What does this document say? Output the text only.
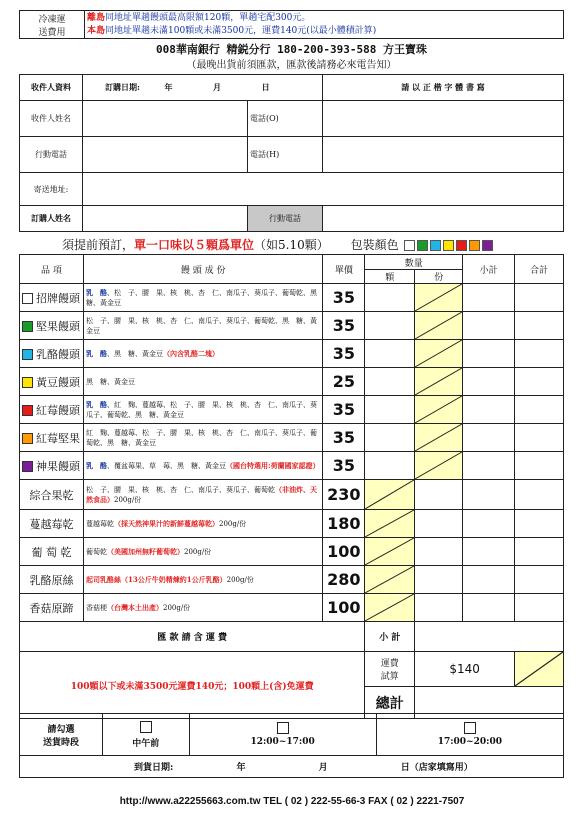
冷凍運
送費用

離島同地址單趟饅頭最高限額120顆，單趟宅配300元。
本島同地址單趟未滿100顆或未滿3500元，運費140元(以最小體積計算)
008華南銀行 精鋭分行 180-200-393-588 方王寶珠
（最晚出貨前須匯款，匯款後請務必來電告知）
收件人資料	訂購日期: 年 月 日		請 以 正 楷 字 體 書 寫
收件人姓名		電話(O)	
行動電話		電話(H)	
寄送地址:			
訂購人姓名		行動電話	
須提前預訂，單一口味以５顆爲單位（如5.10顆） 包裝顏色
品 項	饅 頭 成 份	單價	數量		小計	合計
			顆	份		
招牌饅頭	乳　酪、松　子、腰　果、核　桃、杏　仁、南瓜子、葵瓜子、葡萄乾、黑　糖、黃金豆	35		

堅果饅頭	松　子、腰　果、核　桃、杏　仁、南瓜子、葵瓜子、葡萄乾、黑　糖、黃金豆	35		

乳酪饅頭	乳　酪、黑　糖、黃金豆（內含乳酪二塊）	35		

黃豆饅頭	黑　糖、黃金豆	25		

紅莓饅頭	乳　酪、紅　麴、蔓越莓、松　子、腰　果、核　桃、杏　仁、南瓜子、葵瓜子、葡萄乾、黑　糖、黃金豆	35		

紅莓堅果	紅　麴、蔓越莓、松　子、腰　果、核　桃、杏　仁、南瓜子、葵瓜子、葡萄乾、黑　糖、黃金豆	35		

神果饅頭	乳　酪、覆盆莓果、草　莓、黑　糖、黃金豆（國台特選用:荷蘭國家認證）	35		

綜合果乾	松　子、腰　果、核　桃、杏　仁、南瓜子、葵瓜子、葡萄乾（非油炸、天然食品）200g/份	230	

蔓越莓乾	蔓越莓乾（採天然神果汁的新鮮蔓越莓乾）200g/份	180	

葡 萄 乾	葡萄乾（美國加州無籽葡萄乾）200g/份	100	

乳酪原絲	起司乳酪絲（13公斤牛奶精煉約1公斤乳酪）200g/份	280	

香菇原蹄	香菇梗（台灣本土出產）200g/份	100	

匯 款 請 含 運 費			小 計			
100顆以下或未滿3500元運費140元；100顆上(含)免運費			運費
試算	$140	

			總計			
請勾選
送貨時段	中午前	12:00~17:00	17:00~20:00

到貨日期:	年	月	日（店家填寫用）
http://www.a22255663.com.tw TEL ( 02 ) 222-55-66-3 FAX ( 02 ) 2221-7507
